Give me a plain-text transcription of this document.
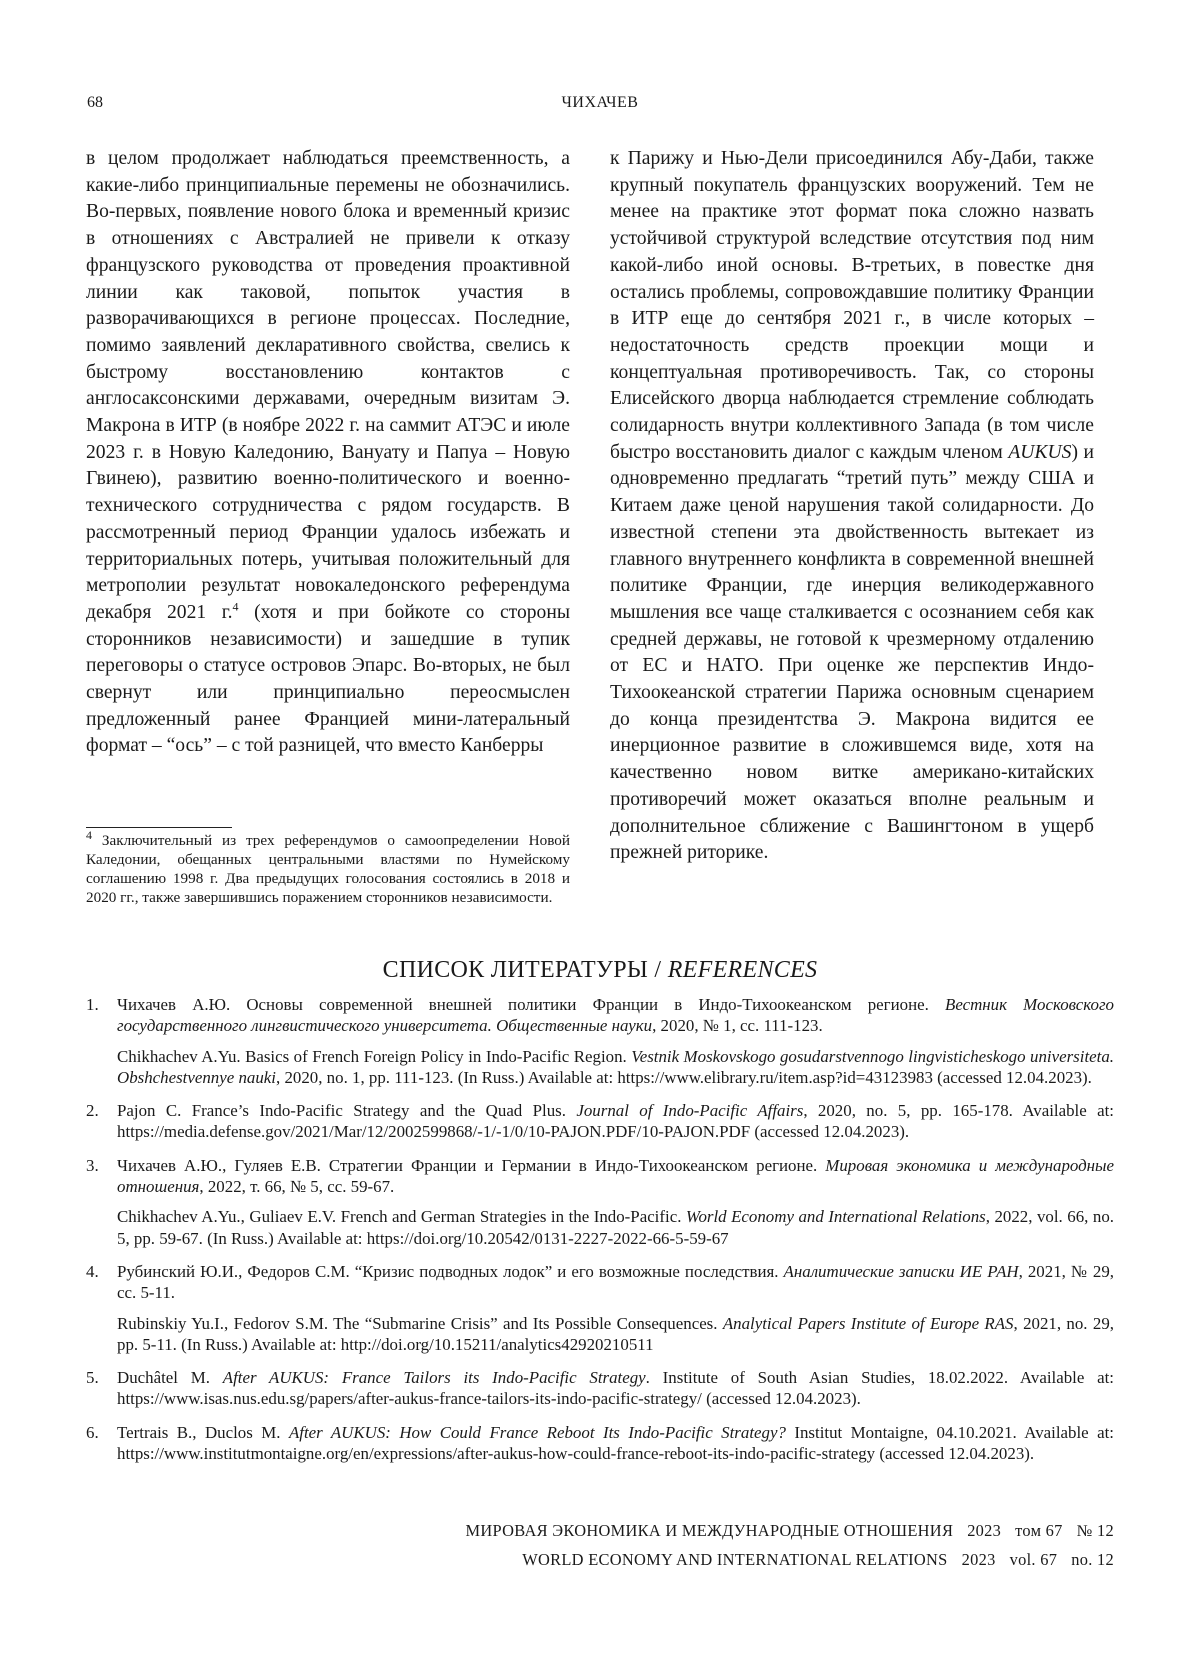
68	ЧИХАЧЕВ

в целом продолжает наблюдаться преемственность, а какие-либо принципиальные перемены не обозначились. Во-первых, появление нового блока и временный кризис в отношениях с Австралией не привели к отказу французского руководства от проведения проактивной линии как таковой, попыток участия в разворачивающихся в регионе процессах. Последние, помимо заявлений декларативного свойства, свелись к быстрому восстановлению контактов с англосаксонскими державами, очередным визитам Э. Макрона в ИТР (в ноябре 2022 г. на саммит АТЭС и июле 2023 г. в Новую Каледонию, Вануату и Папуа – Новую Гвинею), развитию военно-политического и военно-технического сотрудничества с рядом государств. В рассмотренный период Франции удалось избежать и территориальных потерь, учитывая положительный для метрополии результат новокаледонского референдума декабря 2021 г.$^4$ (хотя и при бойкоте со стороны сторонников независимости) и зашедшие в тупик переговоры о статусе островов Эпарс. Во-вторых, не был свернут или принципиально переосмыслен предложенный ранее Францией мини-латеральный формат – “ось” – с той разницей, что вместо Канберры

$^4$ Заключительный из трех референдумов о самоопределении Новой Каледонии, обещанных центральными властями по Нумейскому соглашению 1998 г. Два предыдущих голосования состоялись в 2018 и 2020 гг., также завершившись поражением сторонников независимости.

к Парижу и Нью-Дели присоединился Абу-Даби, также крупный покупатель французских вооружений. Тем не менее на практике этот формат пока сложно назвать устойчивой структурой вследствие отсутствия под ним какой-либо иной основы. В-третьих, в повестке дня остались проблемы, сопровождавшие политику Франции в ИТР еще до сентября 2021 г., в числе которых – недостаточность средств проекции мощи и концептуальная противоречивость. Так, со стороны Елисейского дворца наблюдается стремление соблюдать солидарность внутри коллективного Запада (в том числе быстро восстановить диалог с каждым членом AUKUS) и одновременно предлагать “третий путь” между США и Китаем даже ценой нарушения такой солидарности. До известной степени эта двойственность вытекает из главного внутреннего конфликта в современной внешней политике Франции, где инерция великодержавного мышления все чаще сталкивается с осознанием себя как средней державы, не готовой к чрезмерному отдалению от ЕС и НАТО. При оценке же перспектив Индо-Тихоокеанской стратегии Парижа основным сценарием до конца президентства Э. Макрона видится ее инерционное развитие в сложившемся виде, хотя на качественно новом витке американо-китайских противоречий может оказаться вполне реальным и дополнительное сближение с Вашингтоном в ущерб прежней риторике.

СПИСОК ЛИТЕРАТУРЫ / REFERENCES
1. Чихачев А.Ю. Основы современной внешней политики Франции в Индо-Тихоокеанском регионе. Вестник Московского государственного лингвистического университета. Общественные науки, 2020, № 1, сс. 111-123.

Chikhachev A.Yu. Basics of French Foreign Policy in Indo-Pacific Region. Vestnik Moskovskogo gosudarstvennogo lingvisticheskogo universiteta. Obshchestvennye nauki, 2020, no. 1, pp. 111-123. (In Russ.) Available at: https://www.elibrary.ru/item.asp?id=43123983 (accessed 12.04.2023).

2. Pajon C. France’s Indo-Pacific Strategy and the Quad Plus. Journal of Indo-Pacific Affairs, 2020, no. 5, pp. 165-178. Available at: https://media.defense.gov/2021/Mar/12/2002599868/-1/-1/0/10-PAJON.PDF/10-PAJON.PDF (accessed 12.04.2023).

3. Чихачев А.Ю., Гуляев Е.В. Стратегии Франции и Германии в Индо-Тихоокеанском регионе. Мировая экономика и международные отношения, 2022, т. 66, № 5, сс. 59-67.

Chikhachev A.Yu., Guliaev E.V. French and German Strategies in the Indo-Pacific. World Economy and International Relations, 2022, vol. 66, no. 5, pp. 59-67. (In Russ.) Available at: https://doi.org/10.20542/0131-2227-2022-66-5-59-67

4. Рубинский Ю.И., Федоров С.М. “Кризис подводных лодок” и его возможные последствия. Аналитические записки ИЕ РАН, 2021, № 29, сс. 5-11.

Rubinskiy Yu.I., Fedorov S.M. The “Submarine Crisis” and Its Possible Consequences. Analytical Papers Institute of Europe RAS, 2021, no. 29, pp. 5-11. (In Russ.) Available at: http://doi.org/10.15211/analytics42920210511

5. Duchâtel M. After AUKUS: France Tailors its Indo-Pacific Strategy. Institute of South Asian Studies, 18.02.2022. Available at: https://www.isas.nus.edu.sg/papers/after-aukus-france-tailors-its-indo-pacific-strategy/ (accessed 12.04.2023).

6. Tertrais B., Duclos M. After AUKUS: How Could France Reboot Its Indo-Pacific Strategy? Institut Montaigne, 04.10.2021. Available at: https://www.institutmontaigne.org/en/expressions/after-aukus-how-could-france-reboot-its-indo-pacific-strategy (accessed 12.04.2023).

МИРОВАЯ ЭКОНОМИКА И МЕЖДУНАРОДНЫЕ ОТНОШЕНИЯ 2023 том 67 № 12
WORLD ECONOMY AND INTERNATIONAL RELATIONS 2023 vol. 67 no. 12
